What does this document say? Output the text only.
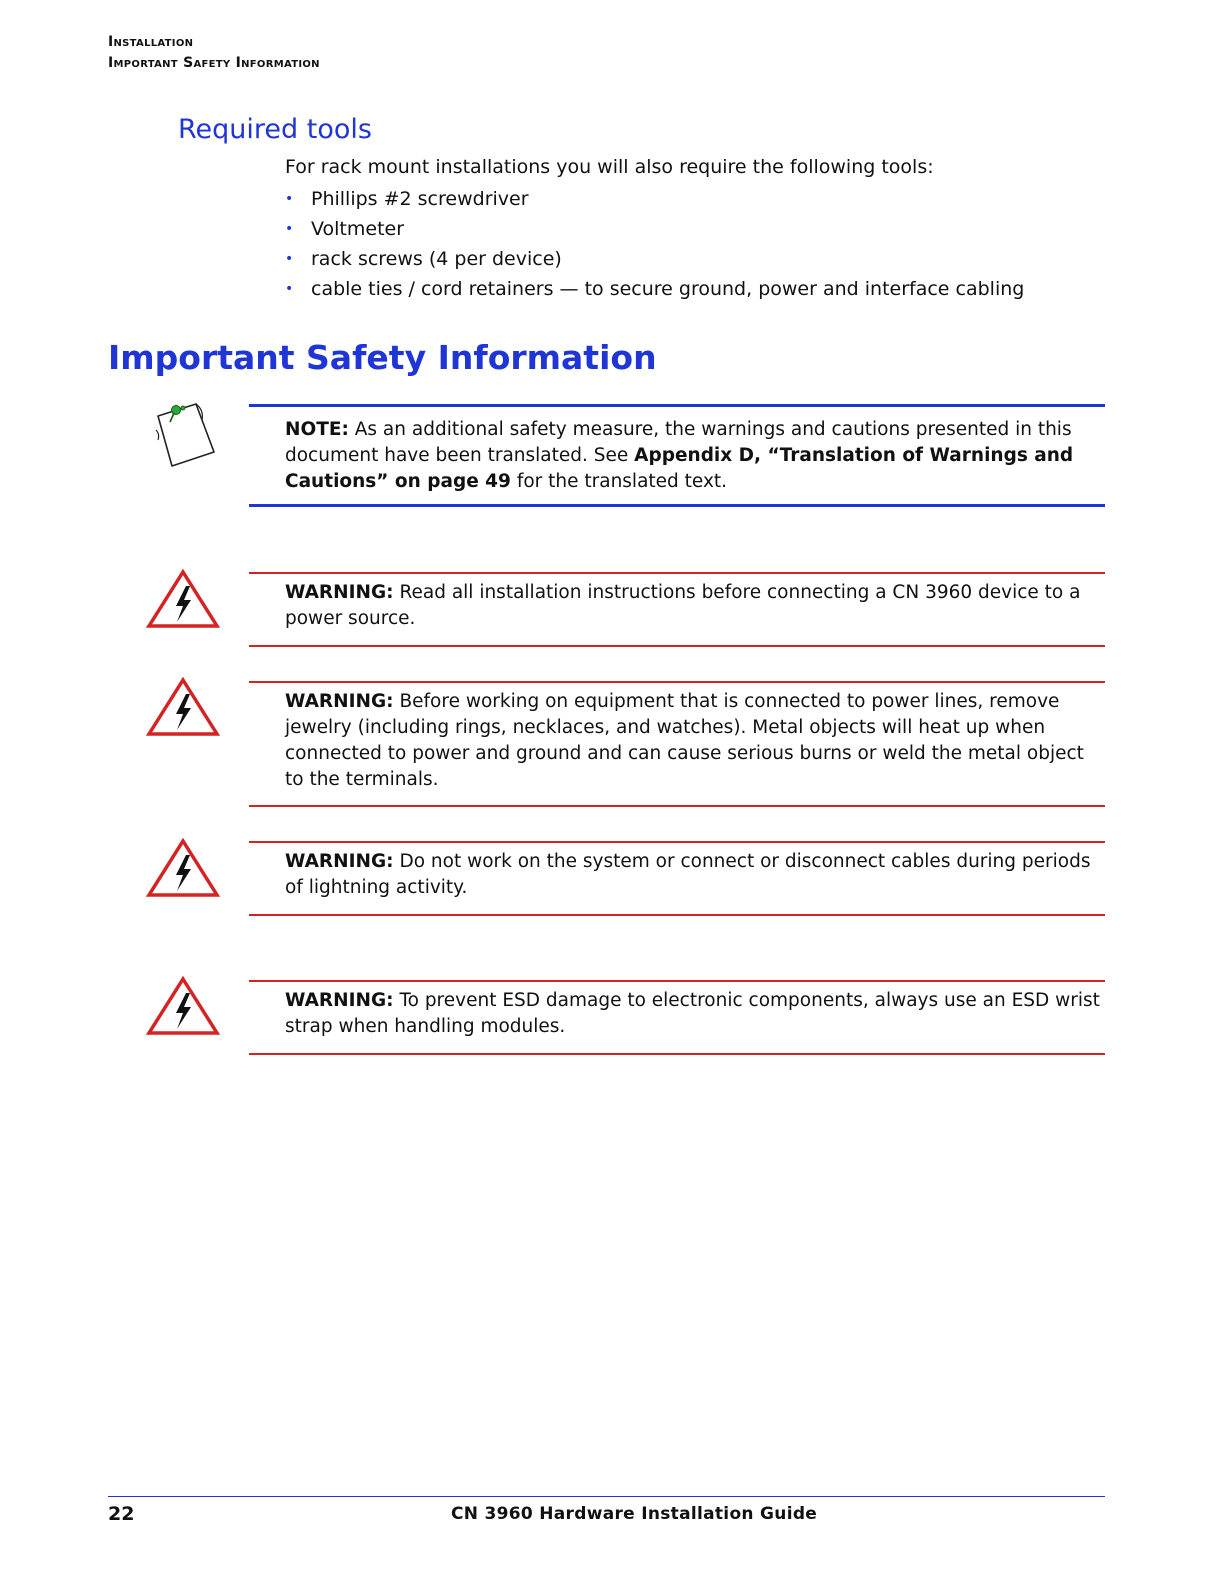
Installation
Important Safety Information
Required tools

For rack mount installations you will also require the following tools:

• Phillips #2 screwdriver
• Voltmeter
• rack screws (4 per device)
• cable ties / cord retainers — to secure ground, power and interface cabling
Important Safety Information
NOTE: As an additional safety measure, the warnings and cautions presented in this document have been translated. See Appendix D, “Translation of Warnings and Cautions” on page 49 for the translated text.
WARNING: Read all installation instructions before connecting a CN 3960 device to a power source.
WARNING: Before working on equipment that is connected to power lines, remove jewelry (including rings, necklaces, and watches). Metal objects will heat up when connected to power and ground and can cause serious burns or weld the metal object to the terminals.
WARNING: Do not work on the system or connect or disconnect cables during periods of lightning activity.
WARNING: To prevent ESD damage to electronic components, always use an ESD wrist strap when handling modules.
22	CN 3960 Hardware Installation Guide
